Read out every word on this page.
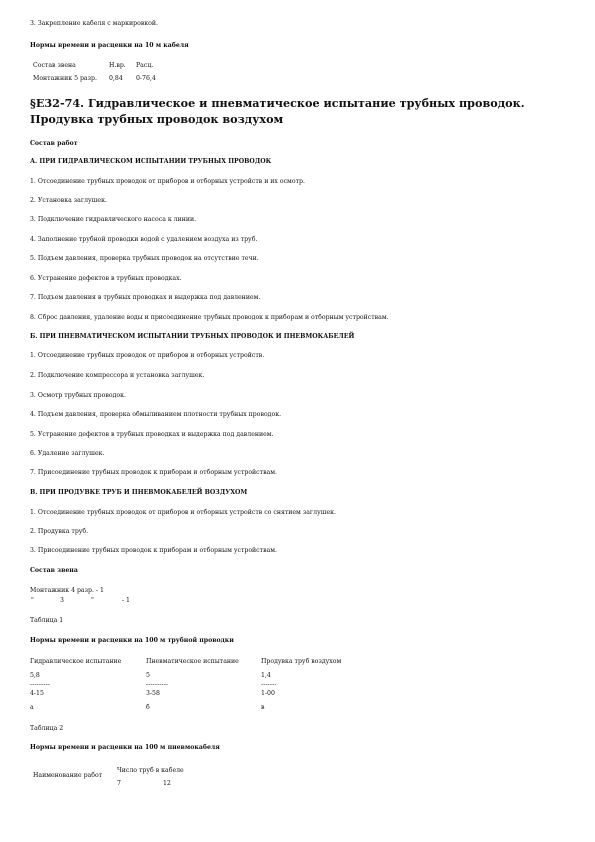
3. Закрепление кабеля с маркировкой.
Нормы времени и расценки на 10 м кабеля
Состав звена	Н.вр. Расц.
Монтажник 5 разр. 0,84 0-76,4
§E32-74. Гидравлическое и пневматическое испытание трубных проводок.
Продувка трубных проводок воздухом
Состав работ
А. ПРИ ГИДРАВЛИЧЕСКОМ ИСПЫТАНИИ ТРУБНЫХ ПРОВОДОК
1. Отсоединение трубных проводок от приборов и отборных устройств и их осмотр.
2. Установка заглушек.
3. Подключение гидравлического насоса к линии.
4. Заполнение трубной проводки водой с удалением воздуха из труб.
5. Подъем давления, проверка трубных проводок на отсутствие течи.
6. Устранение дефектов в трубных проводках.
7. Подъем давления в трубных проводках и выдержка под давлением.
8. Сброс давления, удаление воды и присоединение трубных проводок к приборам и отборным устройствам.
Б. ПРИ ПНЕВМАТИЧЕСКОМ ИСПЫТАНИИ ТРУБНЫХ ПРОВОДОК И ПНЕВМОКАБЕЛЕЙ
1. Отсоединение трубных проводок от приборов и отборных устройств.
2. Подключение компрессора и установка заглушек.
3. Осмотр трубных проводок.
4. Подъем давления, проверка обмыливанием плотности трубных проводок.
5. Устранение дефектов в трубных проводках и выдержка под давлением.
6. Удаление заглушек.
7. Присоединение трубных проводок к приборам и отборным устройствам.
В. ПРИ ПРОДУВКЕ ТРУБ И ПНЕВМОКАБЕЛЕЙ ВОЗДУХОМ
1. Отсоединение трубных проводок от приборов и отборных устройств со снятием заглушек.
2. Продувка труб.
3. Присоединение трубных проводок к приборам и отборным устройствам.
Состав звена
Монтажник 4 разр. - 1
"	3	"	- 1
Таблица 1
Нормы времени и расценки на 100 м трубной проводки
Гидравлическое испытание	Пневматическое испытание	Продувка труб воздухом
5,8	5	1,4
---------	----------	-------
4-15	3-58	1-00
а	б	в
Таблица 2
Нормы времени и расценки на 100 м пневмокабеля
Число труб в кабеле
Наименование работ
7	12
